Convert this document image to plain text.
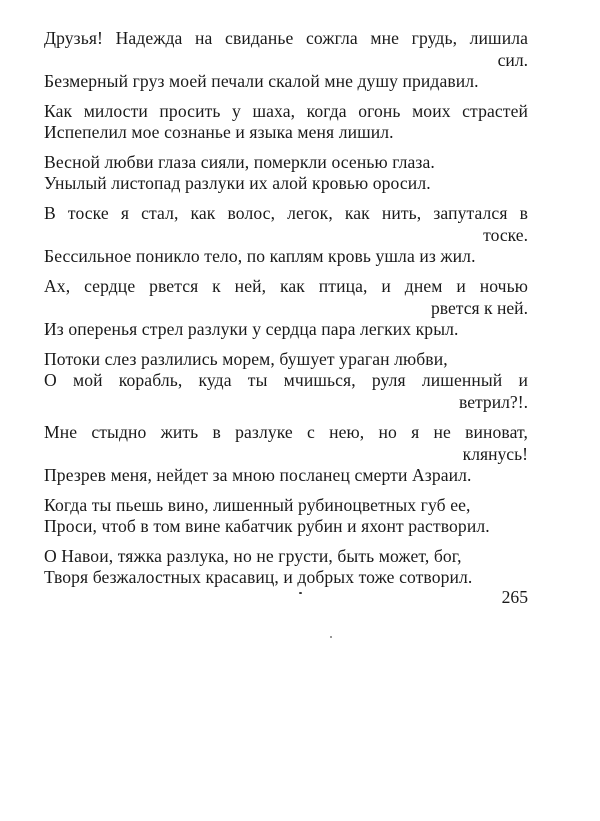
Друзья! Надежда на свиданье сожгла мне грудь, лишила
сил.
Безмерный груз моей печали скалой мне душу придавил.
Как милости просить у шаха, когда огонь моих страстей
Испепелил мое сознанье и языка меня лишил.
Весной любви глаза сияли, померкли осенью глаза.
Унылый листопад разлуки их алой кровью оросил.
В тоске я стал, как волос, легок, как нить, запутался в
тоске.
Бессильное поникло тело, по каплям кровь ушла из жил.
Ах, сердце рвется к ней, как птица, и днем и ночью
рвется к ней.
Из оперенья стрел разлуки у сердца пара легких крыл.
Потоки слез разлились морем, бушует ураган любви,
О мой корабль, куда ты мчишься, руля лишенный и
ветрил?!.
Мне стыдно жить в разлуке с нею, но я не виноват,
клянусь!
Презрев меня, нейдет за мною посланец смерти Азраил.
Когда ты пьешь вино, лишенный рубиноцветных губ ее,
Проси, чтоб в том вине кабатчик рубин и яхонт растворил.
О Навои, тяжка разлука, но не грусти, быть может, бог,
Творя безжалостных красавиц, и добрых тоже сотворил.
265
